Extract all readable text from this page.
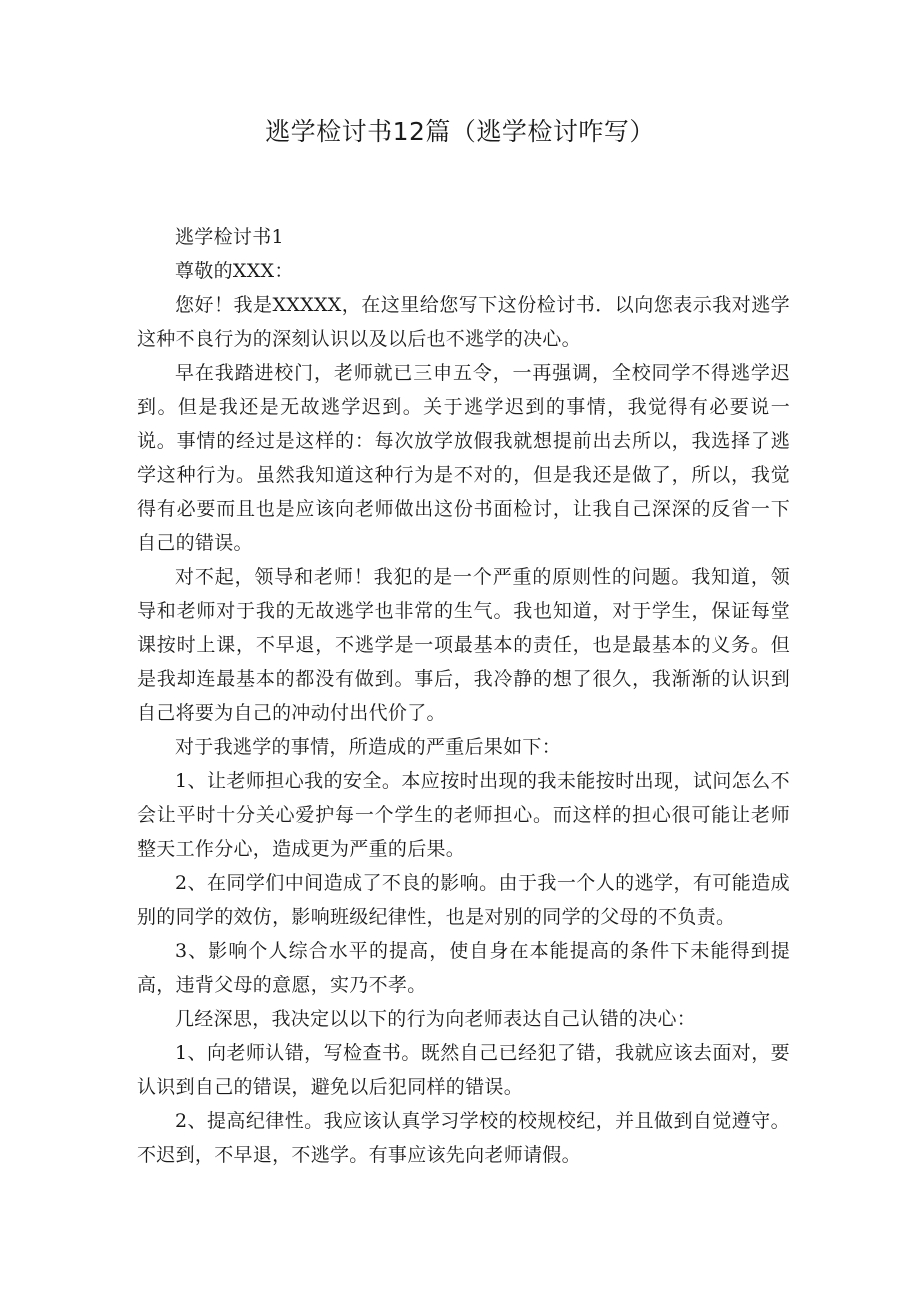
逃学检讨书12篇（逃学检讨咋写）

逃学检讨书1

尊敬的XXX：

您好！我是XXXXX，在这里给您写下这份检讨书．以向您表示我对逃学这种不良行为的深刻认识以及以后也不逃学的决心。

早在我踏进校门，老师就已三申五令，一再强调，全校同学不得逃学迟到。但是我还是无故逃学迟到。关于逃学迟到的事情，我觉得有必要说一说。事情的经过是这样的：每次放学放假我就想提前出去所以，我选择了逃学这种行为。虽然我知道这种行为是不对的，但是我还是做了，所以，我觉得有必要而且也是应该向老师做出这份书面检讨，让我自己深深的反省一下自己的错误。

对不起，领导和老师！我犯的是一个严重的原则性的问题。我知道，领导和老师对于我的无故逃学也非常的生气。我也知道，对于学生，保证每堂课按时上课，不早退，不逃学是一项最基本的责任，也是最基本的义务。但是我却连最基本的都没有做到。事后，我冷静的想了很久，我渐渐的认识到自己将要为自己的冲动付出代价了。

对于我逃学的事情，所造成的严重后果如下：

1、让老师担心我的安全。本应按时出现的我未能按时出现，试问怎么不会让平时十分关心爱护每一个学生的老师担心。而这样的担心很可能让老师整天工作分心，造成更为严重的后果。

2、在同学们中间造成了不良的影响。由于我一个人的逃学，有可能造成别的同学的效仿，影响班级纪律性，也是对别的同学的父母的不负责。

3、影响个人综合水平的提高，使自身在本能提高的条件下未能得到提高，违背父母的意愿，实乃不孝。

几经深思，我决定以以下的行为向老师表达自己认错的决心：

1、向老师认错，写检查书。既然自己已经犯了错，我就应该去面对，要认识到自己的错误，避免以后犯同样的错误。

2、提高纪律性。我应该认真学习学校的校规校纪，并且做到自觉遵守。不迟到，不早退，不逃学。有事应该先向老师请假。
